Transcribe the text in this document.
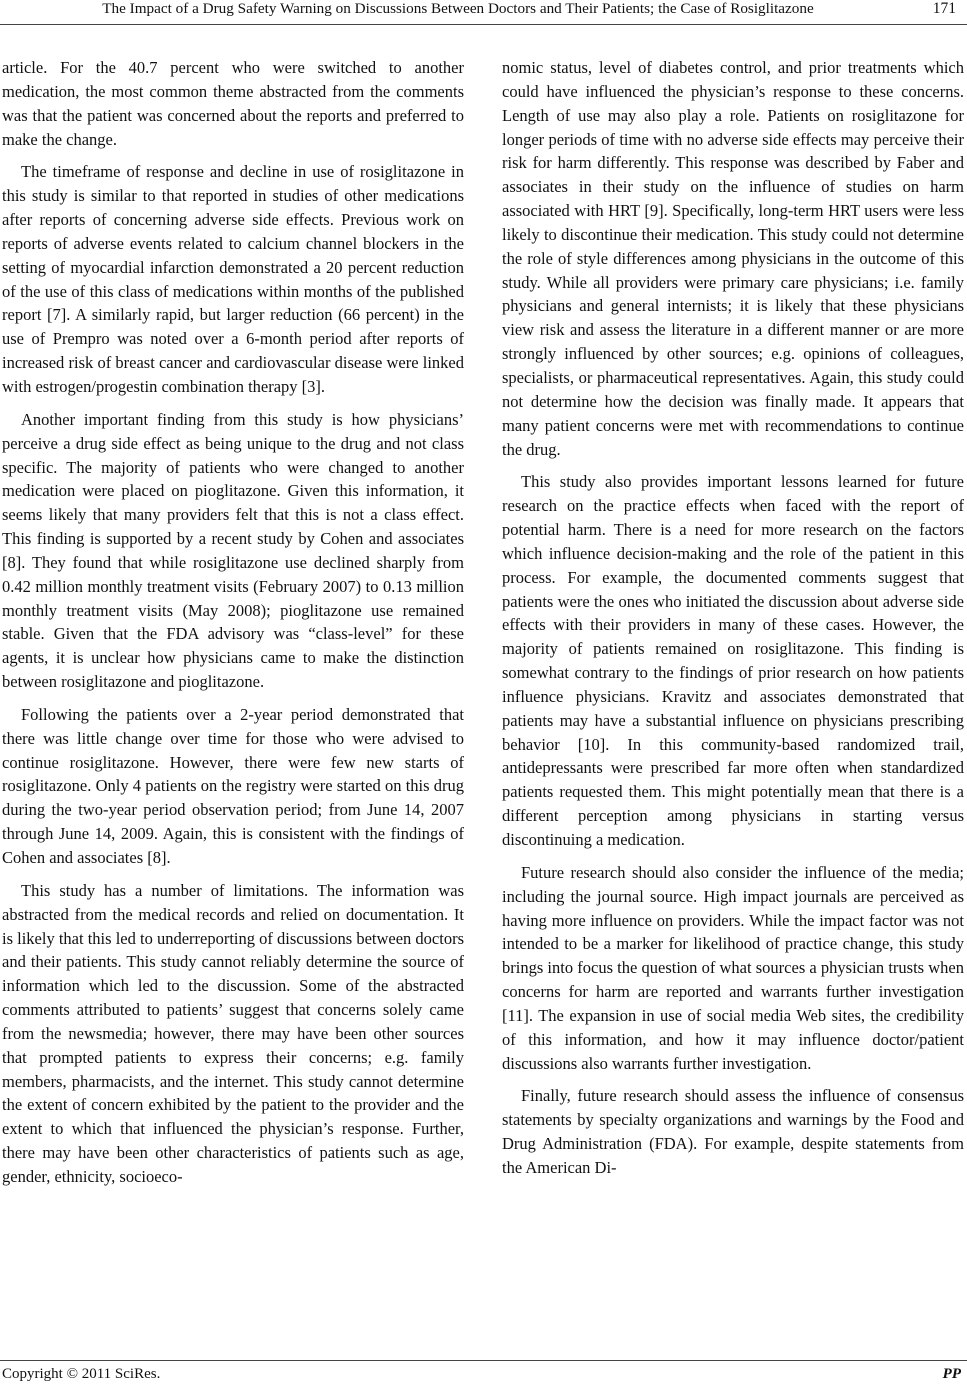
The Impact of a Drug Safety Warning on Discussions Between Doctors and Their Patients; the Case of Rosiglitazone	171

article. For the 40.7 percent who were switched to another medication, the most common theme abstracted from the comments was that the patient was concerned about the reports and preferred to make the change.

The timeframe of response and decline in use of rosiglitazone in this study is similar to that reported in studies of other medications after reports of concerning adverse side effects. Previous work on reports of adverse events related to calcium channel blockers in the setting of myocardial infarction demonstrated a 20 percent reduction of the use of this class of medications within months of the published report [7]. A similarly rapid, but larger reduction (66 percent) in the use of Prempro was noted over a 6-month period after reports of increased risk of breast cancer and cardiovascular disease were linked with estrogen/progestin combination therapy [3].

Another important finding from this study is how physicians’ perceive a drug side effect as being unique to the drug and not class specific. The majority of patients who were changed to another medication were placed on pioglitazone. Given this information, it seems likely that many providers felt that this is not a class effect. This finding is supported by a recent study by Cohen and associates [8]. They found that while rosiglitazone use declined sharply from 0.42 million monthly treatment visits (February 2007) to 0.13 million monthly treatment visits (May 2008); pioglitazone use remained stable. Given that the FDA advisory was “class-level” for these agents, it is unclear how physicians came to make the distinction between rosiglitazone and pioglitazone.

Following the patients over a 2-year period demonstrated that there was little change over time for those who were advised to continue rosiglitazone. However, there were few new starts of rosiglitazone. Only 4 patients on the registry were started on this drug during the two-year period observation period; from June 14, 2007 through June 14, 2009. Again, this is consistent with the findings of Cohen and associates [8].

This study has a number of limitations. The information was abstracted from the medical records and relied on documentation. It is likely that this led to underreporting of discussions between doctors and their patients. This study cannot reliably determine the source of information which led to the discussion. Some of the abstracted comments attributed to patients’ suggest that concerns solely came from the newsmedia; however, there may have been other sources that prompted patients to express their concerns; e.g. family members, pharmacists, and the internet. This study cannot determine the extent of concern exhibited by the patient to the provider and the extent to which that influenced the physician’s response. Further, there may have been other characteristics of patients such as age, gender, ethnicity, socioeco-

nomic status, level of diabetes control, and prior treatments which could have influenced the physician’s response to these concerns. Length of use may also play a role. Patients on rosiglitazone for longer periods of time with no adverse side effects may perceive their risk for harm differently. This response was described by Faber and associates in their study on the influence of studies on harm associated with HRT [9]. Specifically, long-term HRT users were less likely to discontinue their medication. This study could not determine the role of style differences among physicians in the outcome of this study. While all providers were primary care physicians; i.e. family physicians and general internists; it is likely that these physicians view risk and assess the literature in a different manner or are more strongly influenced by other sources; e.g. opinions of colleagues, specialists, or pharmaceutical representatives. Again, this study could not determine how the decision was finally made. It appears that many patient concerns were met with recommendations to continue the drug.

This study also provides important lessons learned for future research on the practice effects when faced with the report of potential harm. There is a need for more research on the factors which influence decision-making and the role of the patient in this process. For example, the documented comments suggest that patients were the ones who initiated the discussion about adverse side effects with their providers in many of these cases. However, the majority of patients remained on rosiglitazone. This finding is somewhat contrary to the findings of prior research on how patients influence physicians. Kravitz and associates demonstrated that patients may have a substantial influence on physicians prescribing behavior [10]. In this community-based randomized trail, antidepressants were prescribed far more often when standardized patients requested them. This might potentially mean that there is a different perception among physicians in starting versus discontinuing a medication.

Future research should also consider the influence of the media; including the journal source. High impact journals are perceived as having more influence on providers. While the impact factor was not intended to be a marker for likelihood of practice change, this study brings into focus the question of what sources a physician trusts when concerns for harm are reported and warrants further investigation [11]. The expansion in use of social media Web sites, the credibility of this information, and how it may influence doctor/patient discussions also warrants further investigation.

Finally, future research should assess the influence of consensus statements by specialty organizations and warnings by the Food and Drug Administration (FDA). For example, despite statements from the American Di-

Copyright © 2011 SciRes.	PP
